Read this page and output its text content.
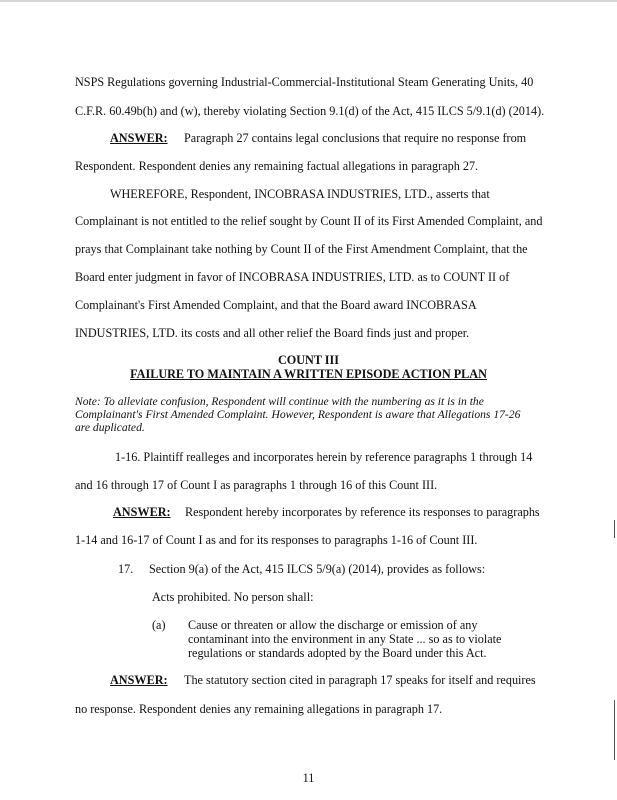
NSPS Regulations governing Industrial-Commercial-Institutional Steam Generating Units, 40
C.F.R. 60.49b(h) and (w), thereby violating Section 9.1(d) of the Act, 415 ILCS 5/9.1(d) (2014).
ANSWER: Paragraph 27 contains legal conclusions that require no response from
Respondent. Respondent denies any remaining factual allegations in paragraph 27.
WHEREFORE, Respondent, INCOBRASA INDUSTRIES, LTD., asserts that
Complainant is not entitled to the relief sought by Count II of its First Amended Complaint, and
prays that Complainant take nothing by Count II of the First Amendment Complaint, that the
Board enter judgment in favor of INCOBRASA INDUSTRIES, LTD. as to COUNT II of
Complainant's First Amended Complaint, and that the Board award INCOBRASA
INDUSTRIES, LTD. its costs and all other relief the Board finds just and proper.
COUNT III
FAILURE TO MAINTAIN A WRITTEN EPISODE ACTION PLAN
Note: To alleviate confusion, Respondent will continue with the numbering as it is in the
Complainant's First Amended Complaint. However, Respondent is aware that Allegations 17-26
are duplicated.
1-16. Plaintiff realleges and incorporates herein by reference paragraphs 1 through 14
and 16 through 17 of Count I as paragraphs 1 through 16 of this Count III.
ANSWER: Respondent hereby incorporates by reference its responses to paragraphs
1-14 and 16-17 of Count I as and for its responses to paragraphs 1-16 of Count III.
17. Section 9(a) of the Act, 415 ILCS 5/9(a) (2014), provides as follows:
Acts prohibited. No person shall:
(a) Cause or threaten or allow the discharge or emission of any
contaminant into the environment in any State ... so as to violate
regulations or standards adopted by the Board under this Act.
ANSWER: The statutory section cited in paragraph 17 speaks for itself and requires
no response. Respondent denies any remaining allegations in paragraph 17.
11
